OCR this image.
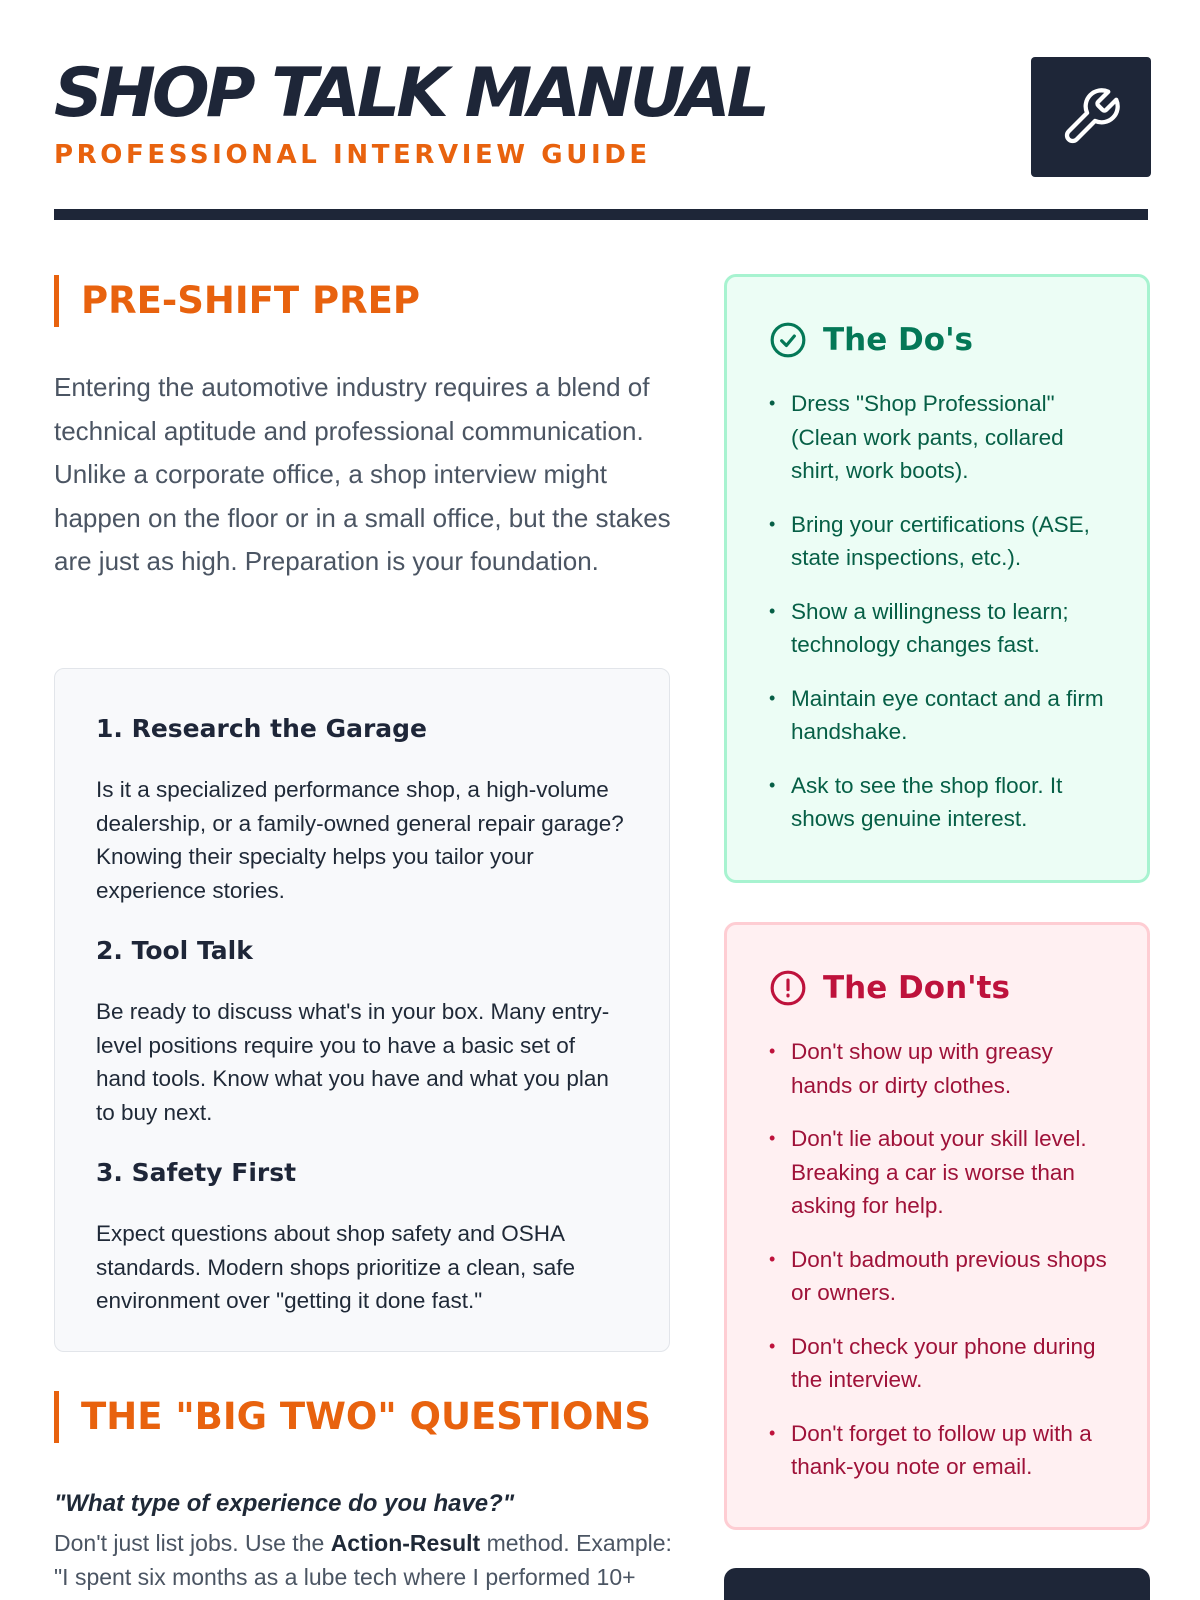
SHOP TALK MANUAL
PROFESSIONAL INTERVIEW GUIDE
PRE-SHIFT PREP

Entering the automotive industry requires a blend of technical aptitude and professional communication. Unlike a corporate office, a shop interview might happen on the floor or in a small office, but the stakes are just as high. Preparation is your foundation.

1. Research the Garage

Is it a specialized performance shop, a high-volume dealership, or a family-owned general repair garage? Knowing their specialty helps you tailor your experience stories.

2. Tool Talk

Be ready to discuss what's in your box. Many entry-level positions require you to have a basic set of hand tools. Know what you have and what you plan to buy next.

3. Safety First

Expect questions about shop safety and OSHA standards. Modern shops prioritize a clean, safe environment over "getting it done fast."

THE "BIG TWO" QUESTIONS
"What type of experience do you have?"

Don't just list jobs. Use the Action-Result method. Example: "I spent six months as a lube tech where I performed 10+

The Do's
• Dress "Shop Professional" (Clean work pants, collared shirt, work boots).
• Bring your certifications (ASE, state inspections, etc.).
• Show a willingness to learn; technology changes fast.
• Maintain eye contact and a firm handshake.
• Ask to see the shop floor. It shows genuine interest.
The Don'ts
• Don't show up with greasy hands or dirty clothes.
• Don't lie about your skill level. Breaking a car is worse than asking for help.
• Don't badmouth previous shops or owners.
• Don't check your phone during the interview.
• Don't forget to follow up with a thank-you note or email.
